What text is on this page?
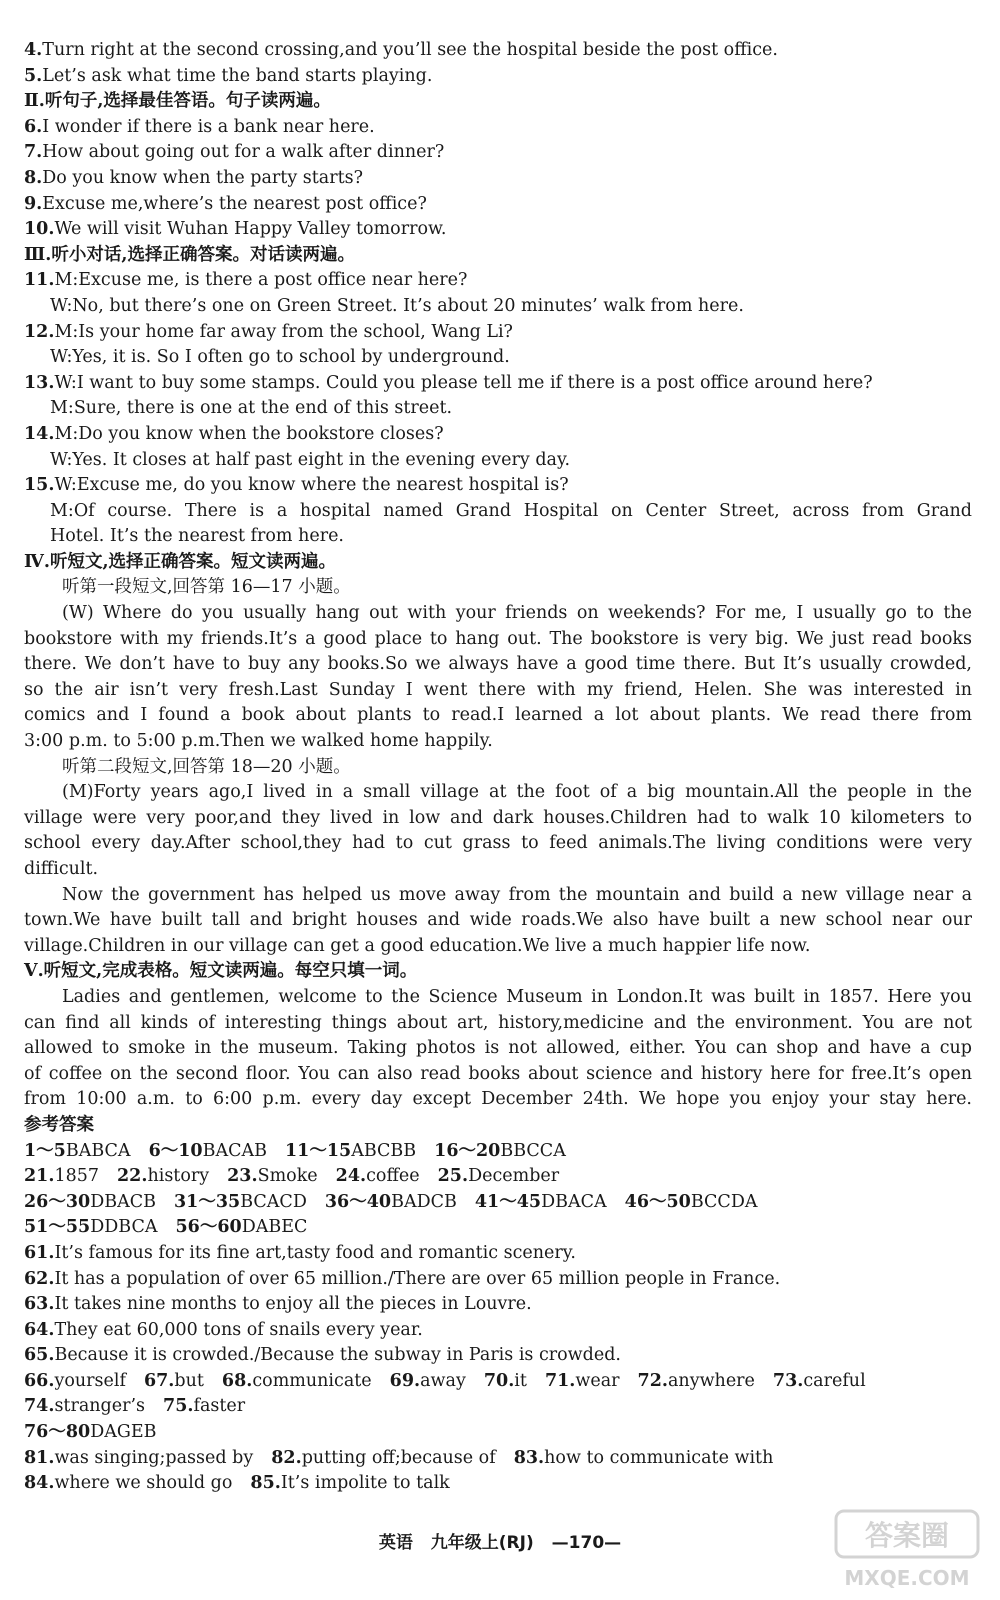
4.Turn right at the second crossing,and you’ll see the hospital beside the post office.
5.Let’s ask what time the band starts playing.
Ⅱ.听句子,选择最佳答语。句子读两遍。
6.I wonder if there is a bank near here.
7.How about going out for a walk after dinner?
8.Do you know when the party starts?
9.Excuse me,where’s the nearest post office?
10.We will visit Wuhan Happy Valley tomorrow.
Ⅲ.听小对话,选择正确答案。对话读两遍。
11.M:Excuse me, is there a post office near here?
W:No, but there’s one on Green Street. It’s about 20 minutes’ walk from here.
12.M:Is your home far away from the school, Wang Li?
W:Yes, it is. So I often go to school by underground.
13.W:I want to buy some stamps. Could you please tell me if there is a post office around here?
M:Sure, there is one at the end of this street.
14.M:Do you know when the bookstore closes?
W:Yes. It closes at half past eight in the evening every day.
15.W:Excuse me, do you know where the nearest hospital is?
M:Of course. There is a hospital named Grand Hospital on Center Street, across from Grand
Hotel. It’s the nearest from here.
Ⅳ.听短文,选择正确答案。短文读两遍。
听第一段短文,回答第 16—17 小题。
(W) Where do you usually hang out with your friends on weekends? For me, I usually go to the
bookstore with my friends.It’s a good place to hang out. The bookstore is very big. We just read books
there. We don’t have to buy any books.So we always have a good time there. But It’s usually crowded,
so the air isn’t very fresh.Last Sunday I went there with my friend, Helen. She was interested in
comics and I found a book about plants to read.I learned a lot about plants. We read there from
3:00 p.m. to 5:00 p.m.Then we walked home happily.
听第二段短文,回答第 18—20 小题。
(M)Forty years ago,I lived in a small village at the foot of a big mountain.All the people in the
village were very poor,and they lived in low and dark houses.Children had to walk 10 kilometers to
school every day.After school,they had to cut grass to feed animals.The living conditions were very
difficult.
Now the government has helped us move away from the mountain and build a new village near a
town.We have built tall and bright houses and wide roads.We also have built a new school near our
village.Children in our village can get a good education.We live a much happier life now.
Ⅴ.听短文,完成表格。短文读两遍。每空只填一词。
Ladies and gentlemen, welcome to the Science Museum in London.It was built in 1857. Here you
can find all kinds of interesting things about art, history,medicine and the environment. You are not
allowed to smoke in the museum. Taking photos is not allowed, either. You can shop and have a cup
of coffee on the second floor. You can also read books about science and history here for free.It’s open
from 10:00 a.m. to 6:00 p.m. every day except December 24th. We hope you enjoy your stay here.
参考答案
1～5BABCA 6～10BACAB 11～15ABCBB 16～20BBCCA
21.1857 22.history 23.Smoke 24.coffee 25.December
26～30DBACB 31～35BCACD 36～40BADCB 41～45DBACA 46～50BCCDA
51～55DDBCA 56～60DABEC
61.It’s famous for its fine art,tasty food and romantic scenery.
62.It has a population of over 65 million./There are over 65 million people in France.
63.It takes nine months to enjoy all the pieces in Louvre.
64.They eat 60,000 tons of snails every year.
65.Because it is crowded./Because the subway in Paris is crowded.
66.yourself 67.but 68.communicate 69.away 70.it 71.wear 72.anywhere 73.careful
74.stranger’s 75.faster
76～80DAGEB
81.was singing;passed by 82.putting off;because of 83.how to communicate with
84.where we should go 85.It’s impolite to talk
英语 九年级上(RJ) —170—	答案圈
MXQE.COM
